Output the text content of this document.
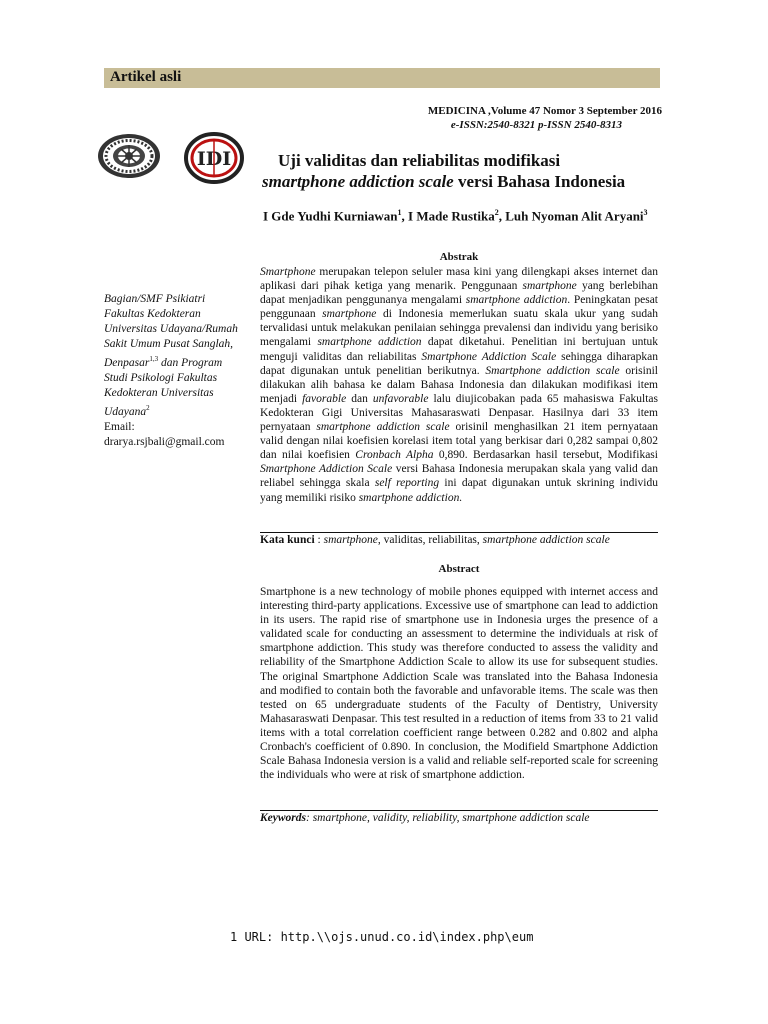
Artikel asli
MEDICINA ,Volume 47 Nomor 3 September 2016
e-ISSN:2540-8321 p-ISSN 2540-8313
IDI	Uji validitas dan reliabilitas modifikasi
smartphone addiction scale versi Bahasa Indonesia
I Gde Yudhi Kurniawan$^1$, I Made Rustika$^2$, Luh Nyoman Alit Aryani$^3$
Bagian/SMF Psikiatri Fakultas Kedokteran Universitas Udayana/Rumah Sakit Umum Pusat Sanglah, Denpasar$^{1,3}$ dan Program Studi Psikologi Fakultas Kedokteran Universitas Udayana$^2$
Email:
drarya.rsjbali@gmail.com
Abstrak
Smartphone merupakan telepon seluler masa kini yang dilengkapi akses internet dan aplikasi dari pihak ketiga yang menarik. Penggunaan smartphone yang berlebihan dapat menjadikan penggunanya mengalami smartphone addiction. Peningkatan pesat penggunaan smartphone di Indonesia memerlukan suatu skala ukur yang sudah tervalidasi untuk melakukan penilaian sehingga prevalensi dan individu yang berisiko mengalami smartphone addiction dapat diketahui. Penelitian ini bertujuan untuk menguji validitas dan reliabilitas Smartphone Addiction Scale sehingga diharapkan dapat digunakan untuk penelitian berikutnya. Smartphone addiction scale orisinil dilakukan alih bahasa ke dalam Bahasa Indonesia dan dilakukan modifikasi item menjadi favorable dan unfavorable lalu diujicobakan pada 65 mahasiswa Fakultas Kedokteran Gigi Universitas Mahasaraswati Denpasar. Hasilnya dari 33 item pernyataan smartphone addiction scale orisinil menghasilkan 21 item pernyataan valid dengan nilai koefisien korelasi item total yang berkisar dari 0,282 sampai 0,802 dan nilai koefisien Cronbach Alpha 0,890. Berdasarkan hasil tersebut, Modifikasi Smartphone Addiction Scale versi Bahasa Indonesia merupakan skala yang valid dan reliabel sehingga skala self reporting ini dapat digunakan untuk skrining individu yang memiliki risiko smartphone addiction.
Kata kunci : smartphone, validitas, reliabilitas, smartphone addiction scale
Abstract
Smartphone is a new technology of mobile phones equipped with internet access and interesting third-party applications. Excessive use of smartphone can lead to addiction in its users. The rapid rise of smartphone use in Indonesia urges the presence of a validated scale for conducting an assessment to determine the individuals at risk of smartphone addiction. This study was therefore conducted to assess the validity and reliability of the Smartphone Addiction Scale to allow its use for subsequent studies. The original Smartphone Addiction Scale was translated into the Bahasa Indonesia and modified to contain both the favorable and unfavorable items. The scale was then tested on 65 undergraduate students of the Faculty of Dentistry, University Mahasaraswati Denpasar. This test resulted in a reduction of items from 33 to 21 valid items with a total correlation coefficient range between 0.282 and 0.802 and alpha Cronbach's coefficient of 0.890. In conclusion, the Modifield Smartphone Addiction Scale Bahasa Indonesia version is a valid and reliable self-reported scale for screening the individuals who were at risk of smartphone addiction.
Keywords: smartphone, validity, reliability, smartphone addiction scale
1 URL: http.\\ojs.unud.co.id\index.php\eum
